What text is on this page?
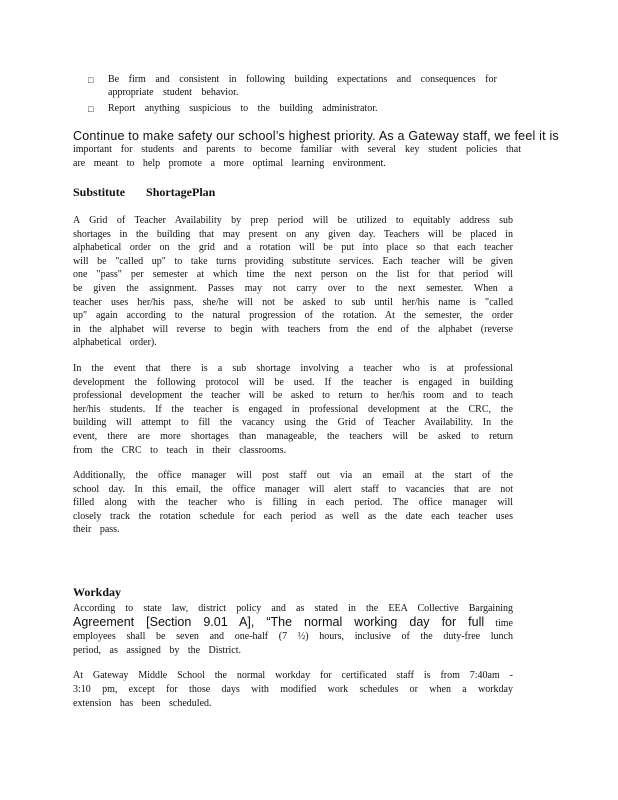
□	Be firm and consistent in following building expectations and consequences for appropriate student behavior.
□	Report anything suspicious to the building administrator.

Continue to make safety our school’s highest priority. As a Gateway staff, we feel it is

important for students and parents to become familiar with several key student policies that are meant to help promote a more optimal learning environment.

Substitute ShortagePlan

A Grid of Teacher Availability by prep period will be utilized to equitably address sub shortages in the building that may present on any given day. Teachers will be placed in alphabetical order on the grid and a rotation will be put into place so that each teacher will be "called up" to take turns providing substitute services. Each teacher will be given one "pass" per semester at which time the next person on the list for that period will be given the assignment. Passes may not carry over to the next semester. When a teacher uses her/his pass, she/he will not be asked to sub until her/his name is "called up" again according to the natural progression of the rotation. At the semester, the order in the alphabet will reverse to begin with teachers from the end of the alphabet (reverse alphabetical order).

In the event that there is a sub shortage involving a teacher who is at professional development the following protocol will be used. If the teacher is engaged in building professional development the teacher will be asked to return to her/his room and to teach her/his students. If the teacher is engaged in professional development at the CRC, the building will attempt to fill the vacancy using the Grid of Teacher Availability. In the event, there are more shortages than manageable, the teachers will be asked to return from the CRC to teach in their classrooms.

Additionally, the office manager will post staff out via an email at the start of the school day. In this email, the office manager will alert staff to vacancies that are not filled along with the teacher who is filling in each period. The office manager will closely track the rotation schedule for each period as well as the date each teacher uses their pass.

Workday

According to state law, district policy and as stated in the EEA Collective Bargaining Agreement [Section 9.01 A], “The normal working day for full time employees shall be seven and one-half (7 ½) hours, inclusive of the duty-free lunch period, as assigned by the District.

At Gateway Middle School the normal workday for certificated staff is from 7:40am - 3:10 pm, except for those days with modified work schedules or when a workday extension has been scheduled.
